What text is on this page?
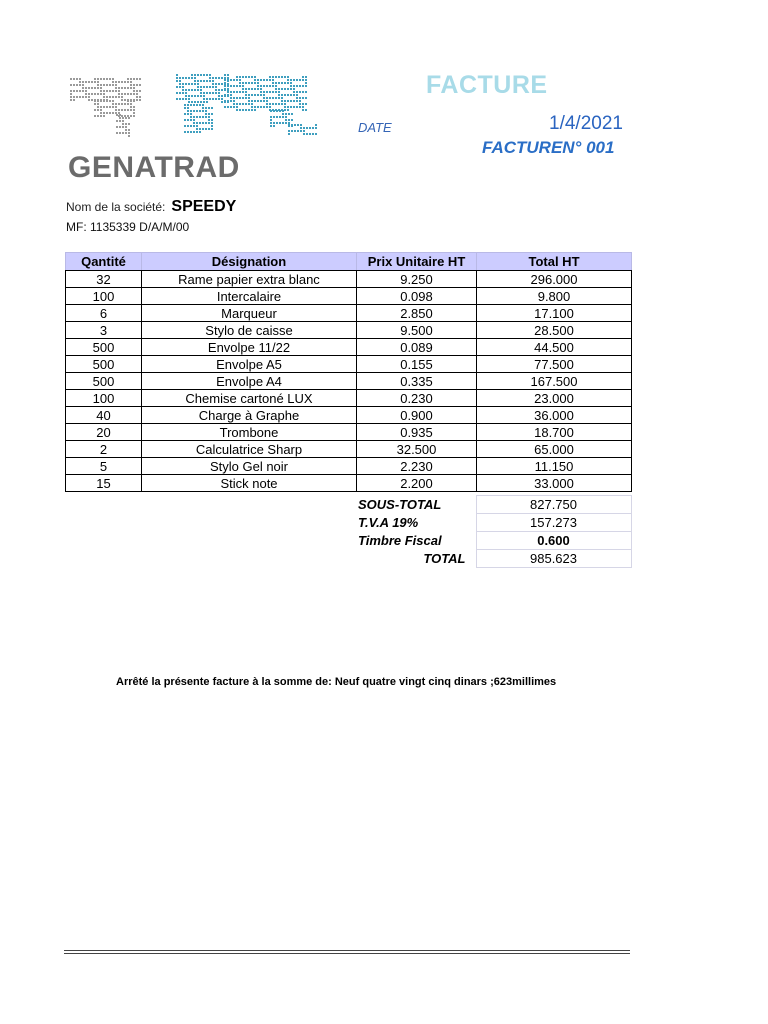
GENATRAD
FACTURE
DATE	1/4/2021
FACTUREN° 001
Nom de la société: SPEEDY
MF: 1135339 D/A/M/00
Qantité	Désignation	Prix Unitaire HT	Total HT
32	Rame papier extra blanc	9.250	296.000
100	Intercalaire	0.098	9.800
6	Marqueur	2.850	17.100
3	Stylo de caisse	9.500	28.500
500	Envolpe 11/22	0.089	44.500
500	Envolpe A5	0.155	77.500
500	Envolpe A4	0.335	167.500
100	Chemise cartoné LUX	0.230	23.000
40	Charge à Graphe	0.900	36.000
20	Trombone	0.935	18.700
2	Calculatrice Sharp	32.500	65.000
5	Stylo Gel noir	2.230	11.150
15	Stick note	2.200	33.000
SOUS-TOTAL	827.750
T.V.A 19%	157.273
Timbre Fiscal	0.600
TOTAL	985.623
Arrêté la présente facture à la somme de: Neuf quatre vingt cinq dinars ;623millimes
